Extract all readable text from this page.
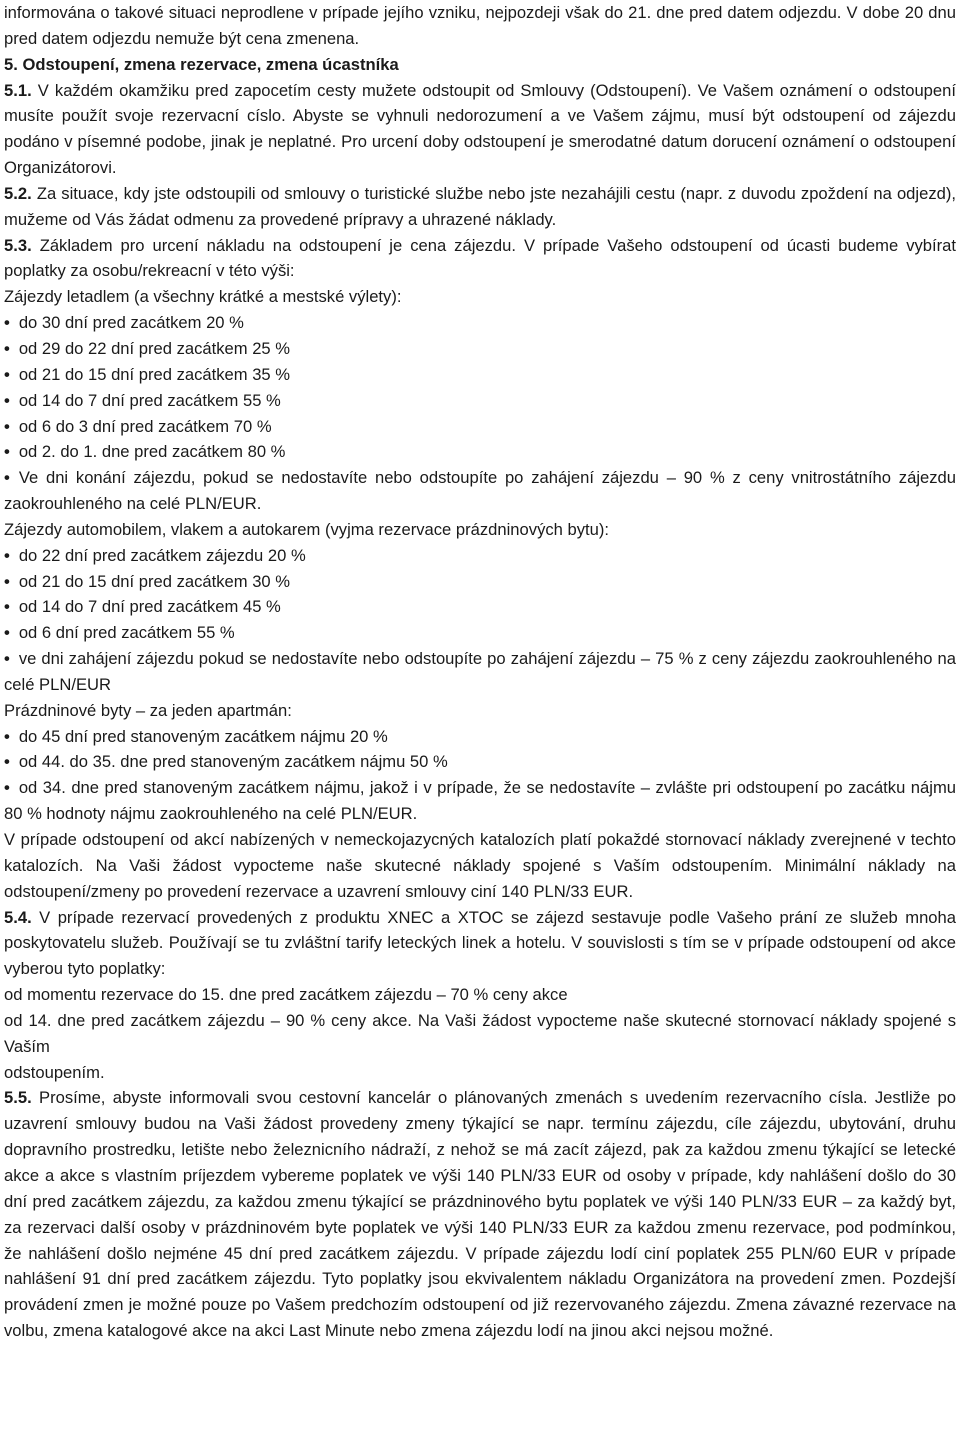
informována o takové situaci neprodlene v prípade jejího vzniku, nejpozdeji však do 21. dne pred datem odjezdu. V dobe 20 dnu pred datem odjezdu nemuže být cena zmenena.
5. Odstoupení, zmena rezervace, zmena úcastníka
5.1. V každém okamžiku pred zapocetím cesty mužete odstoupit od Smlouvy (Odstoupení). Ve Vašem oznámení o odstoupení musíte použít svoje rezervacní císlo. Abyste se vyhnuli nedorozumení a ve Vašem zájmu, musí být odstoupení od zájezdu podáno v písemné podobe, jinak je neplatné. Pro urcení doby odstoupení je smerodatné datum dorucení oznámení o odstoupení Organizátorovi.
5.2. Za situace, kdy jste odstoupili od smlouvy o turistické službe nebo jste nezahájili cestu (napr. z duvodu zpoždení na odjezd), mužeme od Vás žádat odmenu za provedené prípravy a uhrazené náklady.
5.3. Základem pro urcení nákladu na odstoupení je cena zájezdu. V prípade Vašeho odstoupení od úcasti budeme vybírat poplatky za osobu/rekreacní v této výši:
Zájezdy letadlem (a všechny krátké a mestské výlety):
• do 30 dní pred zacátkem 20 %
• od 29 do 22 dní pred zacátkem 25 %
• od 21 do 15 dní pred zacátkem 35 %
• od 14 do 7 dní pred zacátkem 55 %
• od 6 do 3 dní pred zacátkem 70 %
• od 2. do 1. dne pred zacátkem 80 %
• Ve dni konání zájezdu, pokud se nedostavíte nebo odstoupíte po zahájení zájezdu – 90 % z ceny vnitrostátního zájezdu zaokrouhleného na celé PLN/EUR.
Zájezdy automobilem, vlakem a autokarem (vyjma rezervace prázdninových bytu):
• do 22 dní pred zacátkem zájezdu 20 %
• od 21 do 15 dní pred zacátkem 30 %
• od 14 do 7 dní pred zacátkem 45 %
• od 6 dní pred zacátkem 55 %
• ve dni zahájení zájezdu pokud se nedostavíte nebo odstoupíte po zahájení zájezdu – 75 % z ceny zájezdu zaokrouhleného na celé PLN/EUR
Prázdninové byty – za jeden apartmán:
• do 45 dní pred stanoveným zacátkem nájmu 20 %
• od 44. do 35. dne pred stanoveným zacátkem nájmu 50 %
• od 34. dne pred stanoveným zacátkem nájmu, jakož i v prípade, že se nedostavíte – zvlášte pri odstoupení po zacátku nájmu 80 % hodnoty nájmu zaokrouhleného na celé PLN/EUR.
V prípade odstoupení od akcí nabízených v nemeckojazycných katalozích platí pokaždé stornovací náklady zverejnené v techto katalozích. Na Vaši žádost vypocteme naše skutecné náklady spojené s Vaším odstoupením. Minimální náklady na odstoupení/zmeny po provedení rezervace a uzavrení smlouvy ciní 140 PLN/33 EUR.
5.4. V prípade rezervací provedených z produktu XNEC a XTOC se zájezd sestavuje podle Vašeho prání ze služeb mnoha poskytovatelu služeb. Používají se tu zvláštní tarify leteckých linek a hotelu. V souvislosti s tím se v prípade odstoupení od akce vyberou tyto poplatky:
od momentu rezervace do 15. dne pred zacátkem zájezdu – 70 % ceny akce
od 14. dne pred zacátkem zájezdu – 90 % ceny akce. Na Vaši žádost vypocteme naše skutecné stornovací náklady spojené s Vaším
odstoupením.
5.5. Prosíme, abyste informovali svou cestovní kancelár o plánovaných zmenách s uvedením rezervacního císla. Jestliže po uzavrení smlouvy budou na Vaši žádost provedeny zmeny týkající se napr. termínu zájezdu, cíle zájezdu, ubytování, druhu dopravního prostredku, letište nebo železnicního nádraží, z nehož se má zacít zájezd, pak za každou zmenu týkající se letecké akce a akce s vlastním príjezdem vybereme poplatek ve výši 140 PLN/33 EUR od osoby v prípade, kdy nahlášení došlo do 30 dní pred zacátkem zájezdu, za každou zmenu týkající se prázdninového bytu poplatek ve výši 140 PLN/33 EUR – za každý byt, za rezervaci další osoby v prázdninovém byte poplatek ve výši 140 PLN/33 EUR za každou zmenu rezervace, pod podmínkou, že nahlášení došlo nejméne 45 dní pred zacátkem zájezdu. V prípade zájezdu lodí ciní poplatek 255 PLN/60 EUR v prípade nahlášení 91 dní pred zacátkem zájezdu. Tyto poplatky jsou ekvivalentem nákladu Organizátora na provedení zmen. Pozdejší provádení zmen je možné pouze po Vašem predchozím odstoupení od již rezervovaného zájezdu. Zmena závazné rezervace na volbu, zmena katalogové akce na akci Last Minute nebo zmena zájezdu lodí na jinou akci nejsou možné.
